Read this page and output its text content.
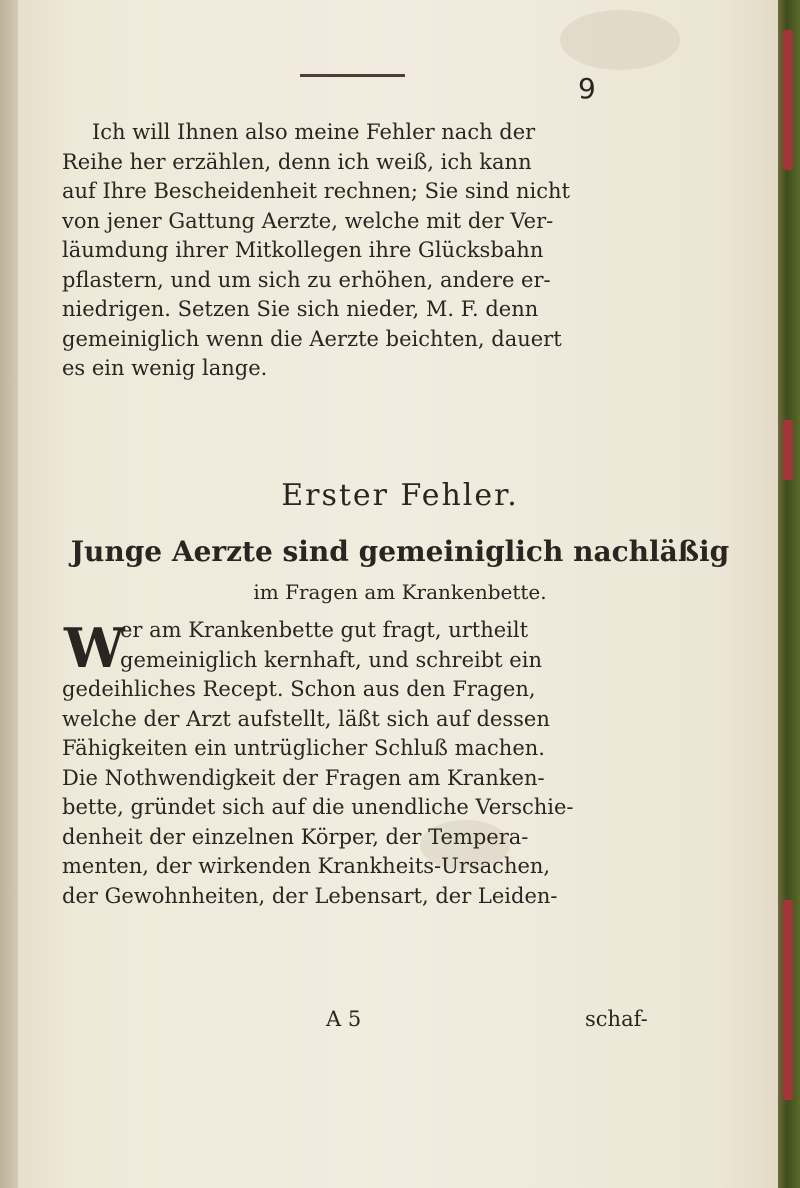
9
Ich will Ihnen also meine Fehler nach der
Reihe her erzählen, denn ich weiß, ich kann
auf Ihre Bescheidenheit rechnen; Sie sind nicht
von jener Gattung Aerzte, welche mit der Ver-
läumdung ihrer Mitkollegen ihre Glücksbahn
pflastern, und um sich zu erhöhen, andere er-
niedrigen. Setzen Sie sich nieder, M. F. denn
gemeiniglich wenn die Aerzte beichten, dauert
es ein wenig lange.
Erster Fehler.
Junge Aerzte sind gemeiniglich nachläßig
im Fragen am Krankenbette.
W
er am Krankenbette gut fragt, urtheilt
gemeiniglich kernhaft, und schreibt ein
gedeihliches Recept. Schon aus den Fragen,
welche der Arzt aufstellt, läßt sich auf dessen
Fähigkeiten ein untrüglicher Schluß machen.
Die Nothwendigkeit der Fragen am Kranken-
bette, gründet sich auf die unendliche Verschie-
denheit der einzelnen Körper, der Tempera-
menten, der wirkenden Krankheits-Ursachen,
der Gewohnheiten, der Lebensart, der Leiden-
A 5	schaf-
